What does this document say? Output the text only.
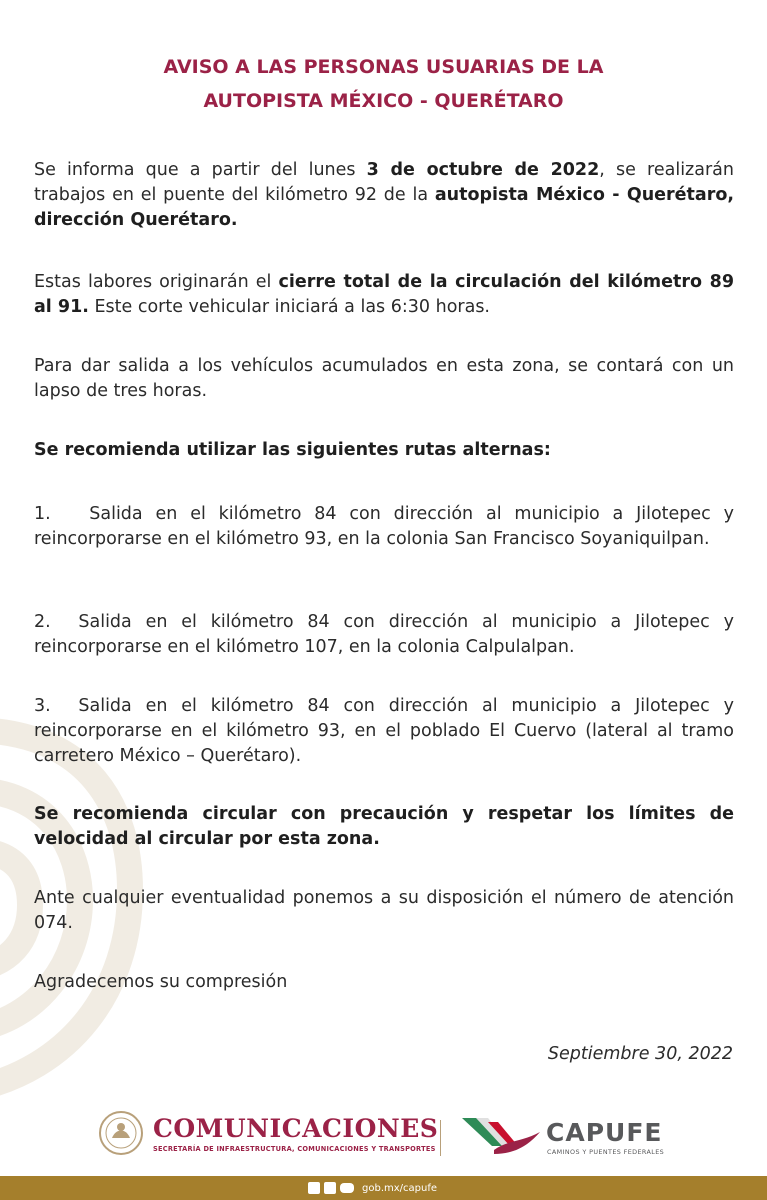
AVISO A LAS PERSONAS USUARIAS DE LA
AUTOPISTA MÉXICO - QUERÉTARO

Se informa que a partir del lunes 3 de octubre de 2022, se realizarán trabajos en el puente del kilómetro 92 de la autopista México - Querétaro, dirección Querétaro.

Estas labores originarán el cierre total de la circulación del kilómetro 89 al 91. Este corte vehicular iniciará a las 6:30 horas.

Para dar salida a los vehículos acumulados en esta zona, se contará con un lapso de tres horas.

Se recomienda utilizar las siguientes rutas alternas:

1.   Salida en el kilómetro 84 con dirección al municipio a Jilotepec y reincorporarse en el kilómetro 93, en la colonia San Francisco Soyaniquilpan.

2.  Salida en el kilómetro 84 con dirección al municipio a Jilotepec y reincorporarse en el kilómetro 107, en la colonia Calpulalpan.

3.  Salida en el kilómetro 84 con dirección al municipio a Jilotepec y reincorporarse en el kilómetro 93, en el poblado El Cuervo (lateral al tramo carretero México – Querétaro).

Se recomienda circular con precaución y respetar los límites de velocidad al circular por esta zona.

Ante cualquier eventualidad ponemos a su disposición el número de atención 074.

Agradecemos su compresión

Septiembre 30, 2022
COMUNICACIONES
SECRETARÍA DE INFRAESTRUCTURA, COMUNICACIONES Y TRANSPORTES
CAPUFE
CAMINOS Y PUENTES FEDERALES
gob.mx/capufe
